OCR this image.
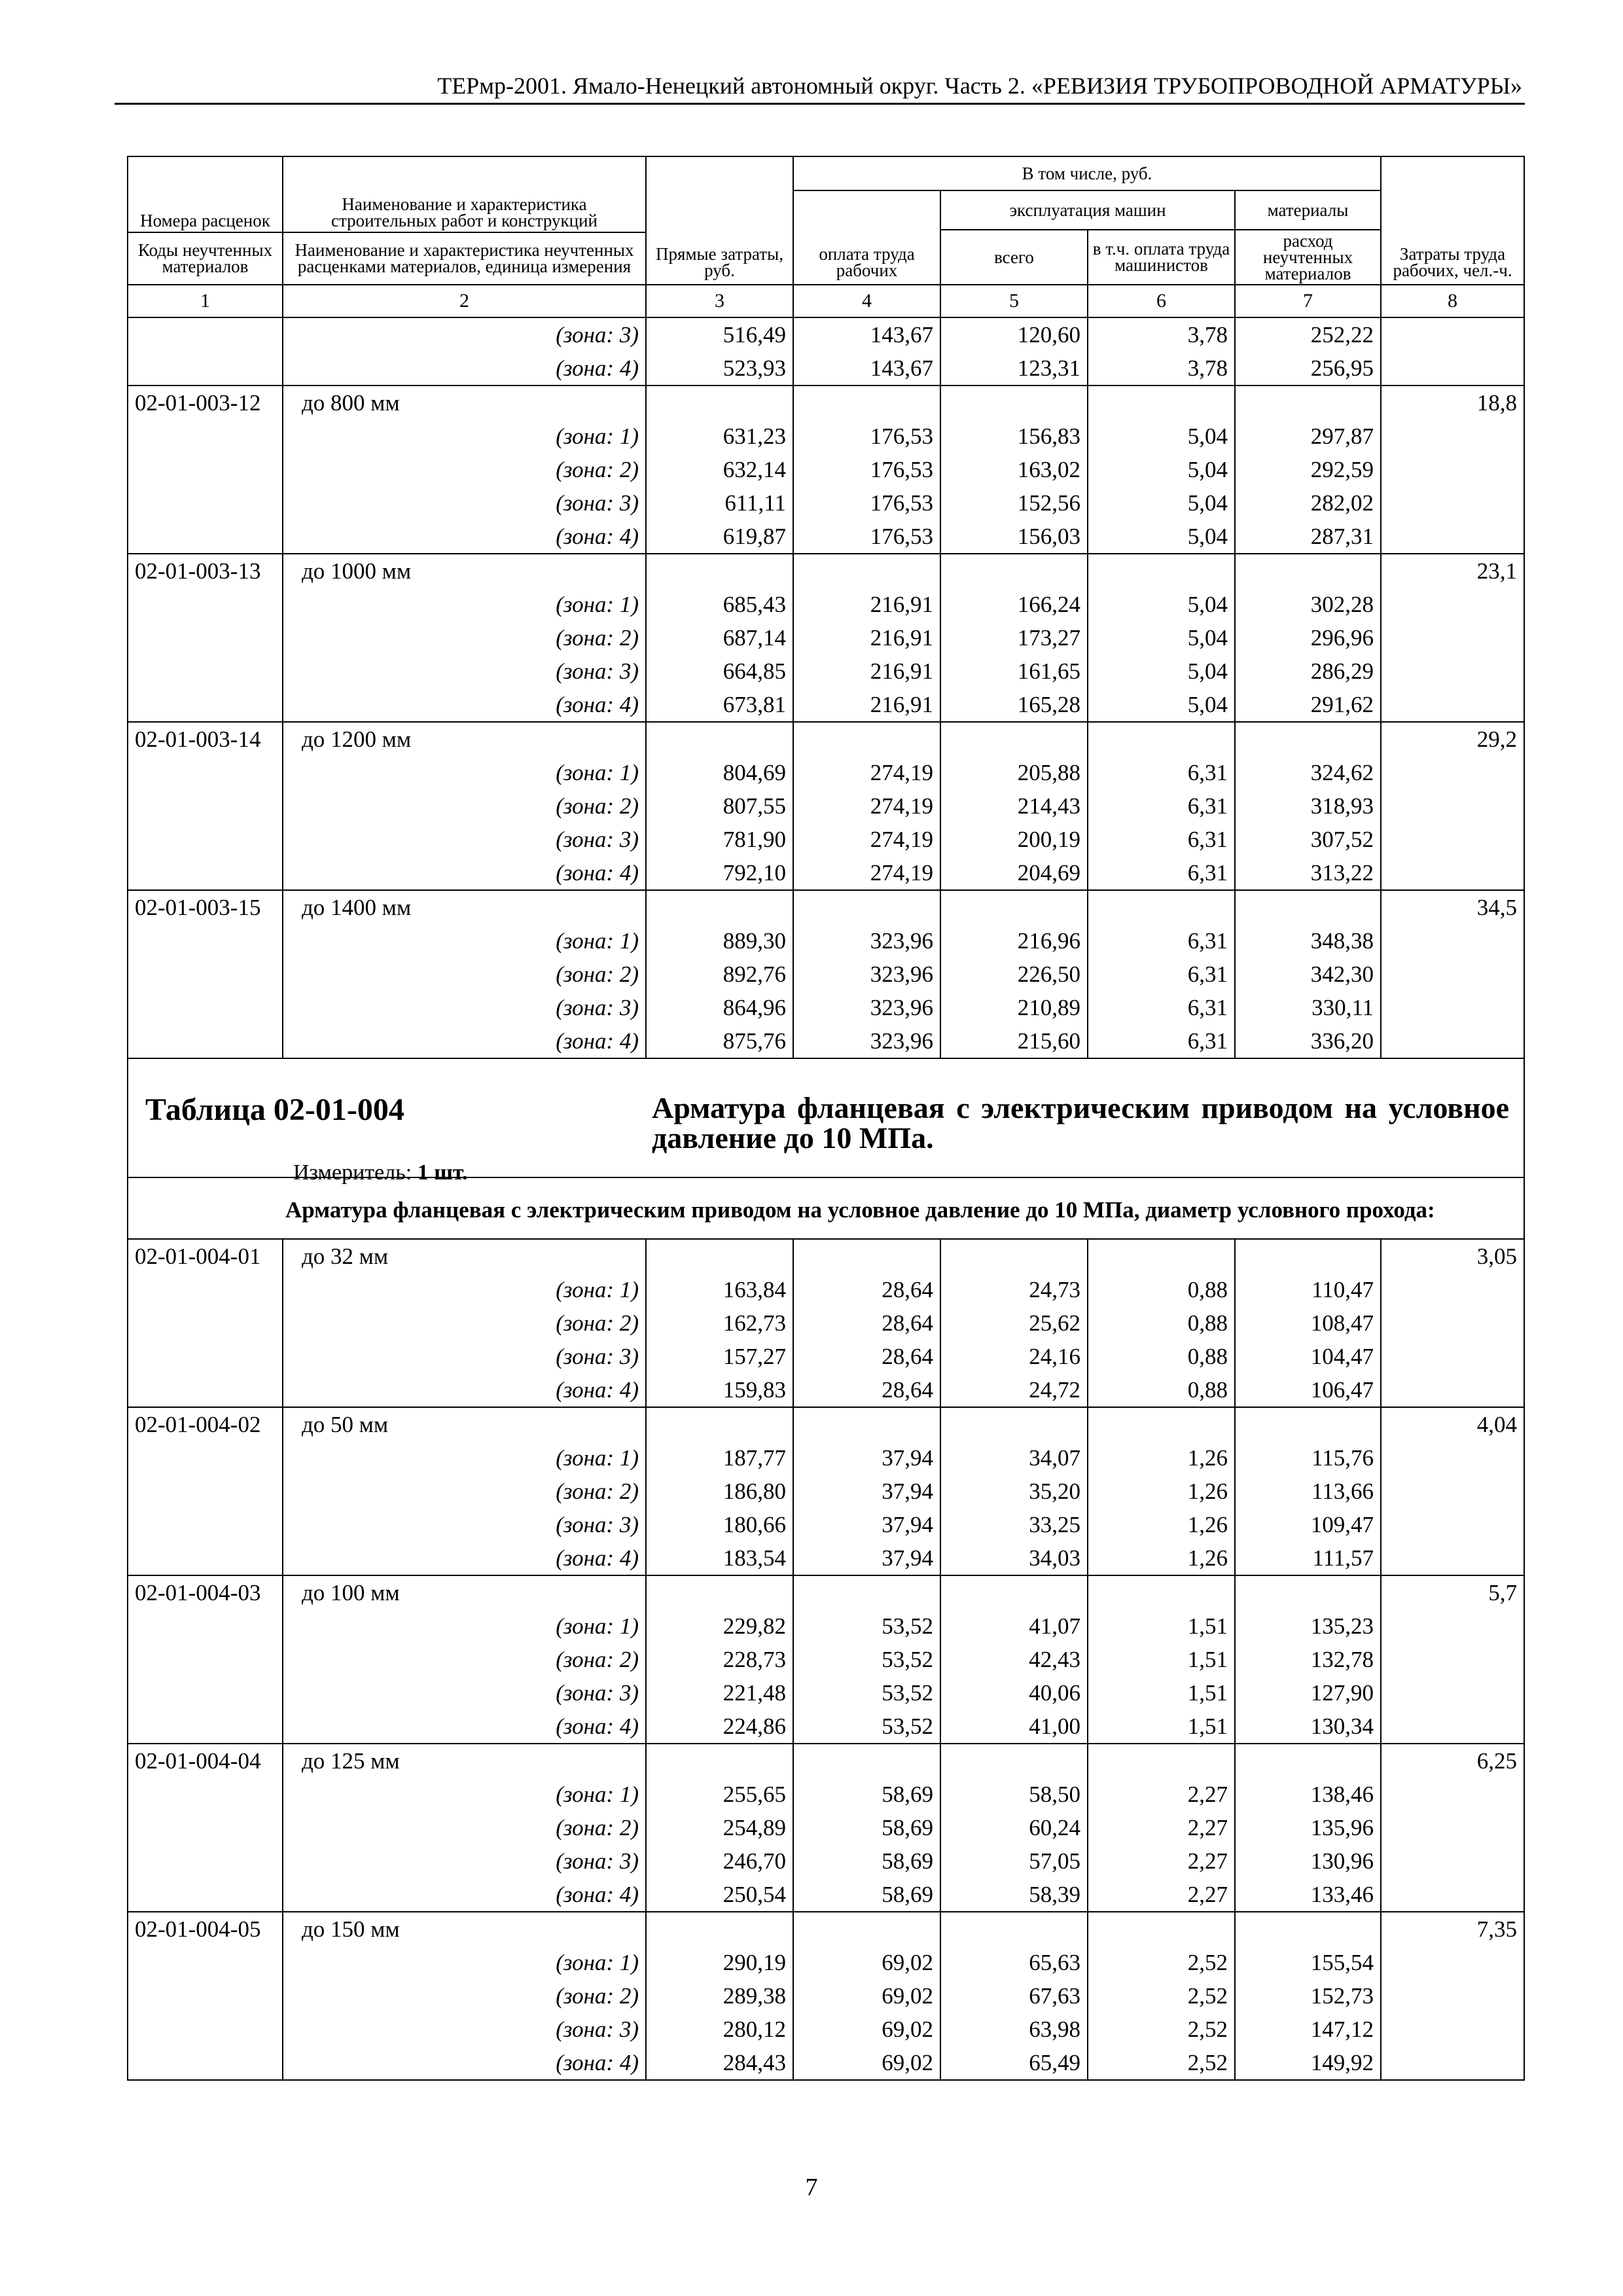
ТЕРмр-2001. Ямало-Ненецкий автономный округ. Часть 2. «РЕВИЗИЯ ТРУБОПРОВОДНОЙ АРМАТУРЫ»
Номера расценок	Наименование и характеристика строительных работ и конструкций	Прямые затраты, руб.	В том числе, руб.				Затраты труда рабочих, чел.-ч.
			оплата труда рабочих	эксплуатация машин		материалы	
				всего	в т.ч. оплата труда машинистов	расход неучтенных материалов	
Коды неучтенных материалов	Наименование и характеристика неучтенных расценками материалов, единица измерения						
1	2	3	4	5	6	7	8
	(зона: 3)	516,49	143,67	120,60	3,78	252,22	
	(зона: 4)	523,93	143,67	123,31	3,78	256,95	
02-01-003-12	до 800 мм						18,8
	(зона: 1)	631,23	176,53	156,83	5,04	297,87	
	(зона: 2)	632,14	176,53	163,02	5,04	292,59	
	(зона: 3)	611,11	176,53	152,56	5,04	282,02	
	(зона: 4)	619,87	176,53	156,03	5,04	287,31	
02-01-003-13	до 1000 мм						23,1
	(зона: 1)	685,43	216,91	166,24	5,04	302,28	
	(зона: 2)	687,14	216,91	173,27	5,04	296,96	
	(зона: 3)	664,85	216,91	161,65	5,04	286,29	
	(зона: 4)	673,81	216,91	165,28	5,04	291,62	
02-01-003-14	до 1200 мм						29,2
	(зона: 1)	804,69	274,19	205,88	6,31	324,62	
	(зона: 2)	807,55	274,19	214,43	6,31	318,93	
	(зона: 3)	781,90	274,19	200,19	6,31	307,52	
	(зона: 4)	792,10	274,19	204,69	6,31	313,22	
02-01-003-15	до 1400 мм						34,5
	(зона: 1)	889,30	323,96	216,96	6,31	348,38	
	(зона: 2)	892,76	323,96	226,50	6,31	342,30	
	(зона: 3)	864,96	323,96	210,89	6,31	330,11	
	(зона: 4)	875,76	323,96	215,60	6,31	336,20	

Таблица 02-01-004 Арматура фланцевая с электрическим приводом на условное давление до 10 МПа.
Измеритель: 1 шт.							

Арматура фланцевая с электрическим приводом на условное давление до 10 МПа, диаметр условного прохода:							
02-01-004-01	до 32 мм						3,05
	(зона: 1)	163,84	28,64	24,73	0,88	110,47	
	(зона: 2)	162,73	28,64	25,62	0,88	108,47	
	(зона: 3)	157,27	28,64	24,16	0,88	104,47	
	(зона: 4)	159,83	28,64	24,72	0,88	106,47	
02-01-004-02	до 50 мм						4,04
	(зона: 1)	187,77	37,94	34,07	1,26	115,76	
	(зона: 2)	186,80	37,94	35,20	1,26	113,66	
	(зона: 3)	180,66	37,94	33,25	1,26	109,47	
	(зона: 4)	183,54	37,94	34,03	1,26	111,57	
02-01-004-03	до 100 мм						5,7
	(зона: 1)	229,82	53,52	41,07	1,51	135,23	
	(зона: 2)	228,73	53,52	42,43	1,51	132,78	
	(зона: 3)	221,48	53,52	40,06	1,51	127,90	
	(зона: 4)	224,86	53,52	41,00	1,51	130,34	
02-01-004-04	до 125 мм						6,25
	(зона: 1)	255,65	58,69	58,50	2,27	138,46	
	(зона: 2)	254,89	58,69	60,24	2,27	135,96	
	(зона: 3)	246,70	58,69	57,05	2,27	130,96	
	(зона: 4)	250,54	58,69	58,39	2,27	133,46	
02-01-004-05	до 150 мм						7,35
	(зона: 1)	290,19	69,02	65,63	2,52	155,54	
	(зона: 2)	289,38	69,02	67,63	2,52	152,73	
	(зона: 3)	280,12	69,02	63,98	2,52	147,12	
	(зона: 4)	284,43	69,02	65,49	2,52	149,92	
7
